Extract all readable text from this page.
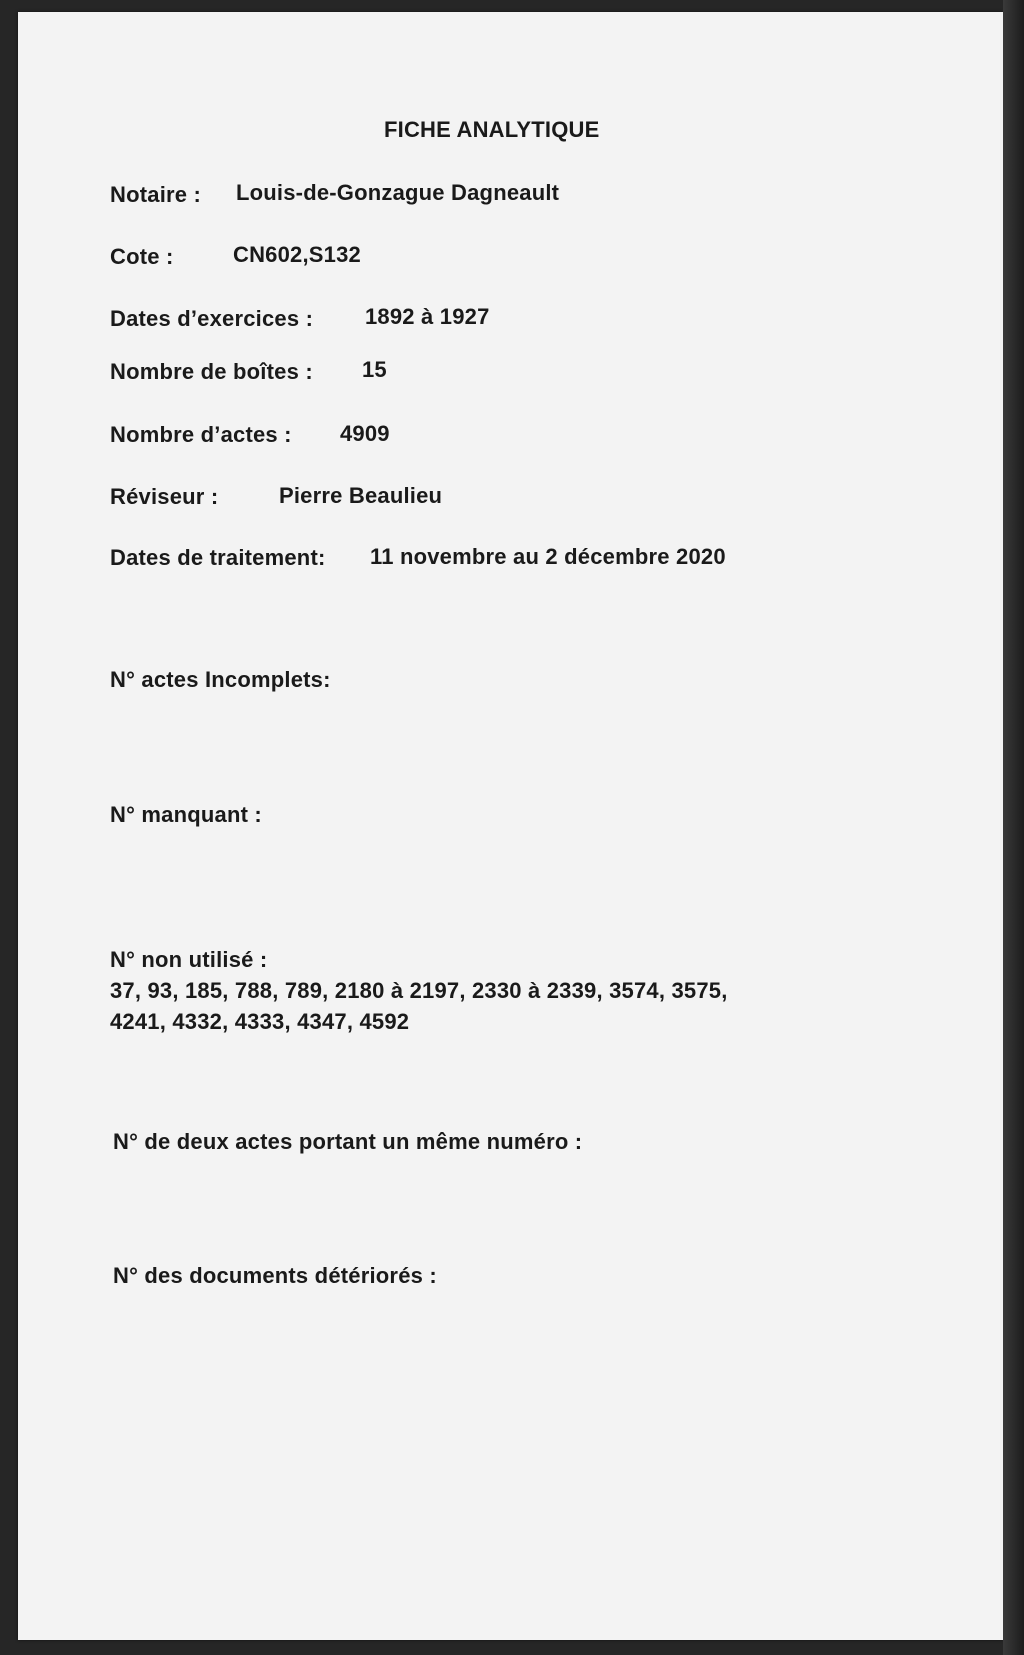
FICHE ANALYTIQUE
Notaire : Louis-de-Gonzague Dagneault
Cote :	CN602,S132
Dates d’exercices : 1892 à 1927
Nombre de boîtes : 15
Nombre d’actes : 4909
Réviseur :	Pierre Beaulieu
Dates de traitement: 11 novembre au 2 décembre 2020
N° actes Incomplets:
N° manquant :
N° non utilisé :
37, 93, 185, 788, 789, 2180 à 2197, 2330 à 2339, 3574, 3575,
4241, 4332, 4333, 4347, 4592
N° de deux actes portant un même numéro :
N° des documents détériorés :
